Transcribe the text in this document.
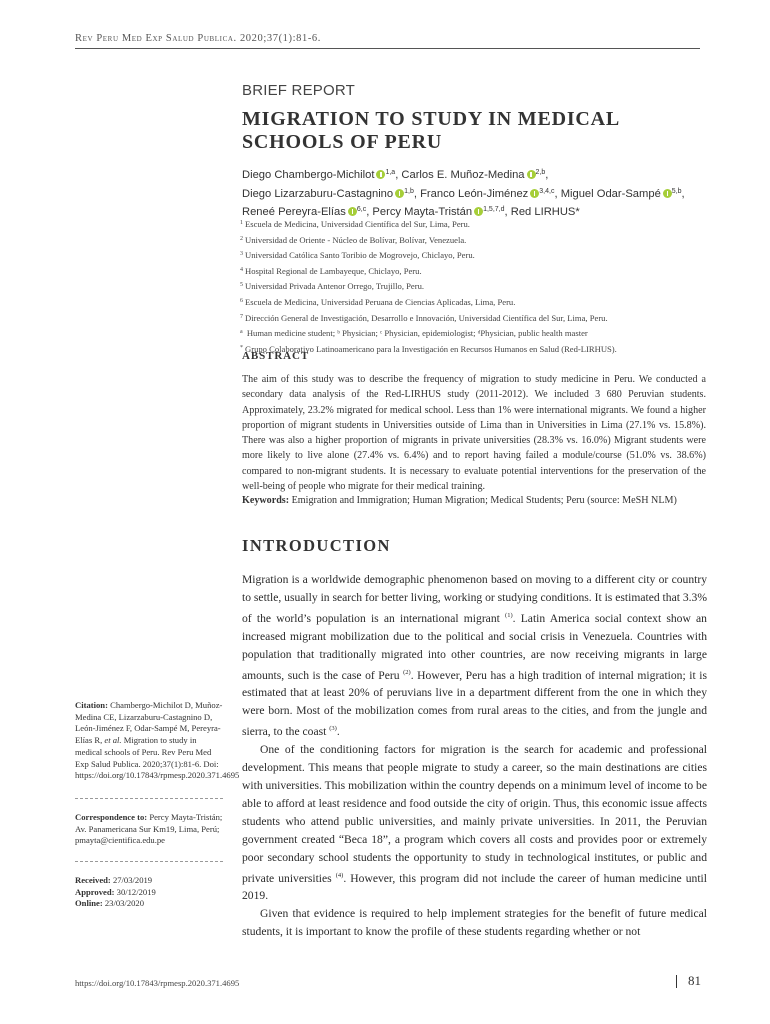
Rev Peru Med Exp Salud Publica. 2020;37(1):81-6.
BRIEF REPORT
MIGRATION TO STUDY IN MEDICAL SCHOOLS OF PERU
Diego Chambergo-Michilot $^{1,a}$, Carlos E. Muñoz-Medina $^{2,b}$,
Diego Lizarzaburu-Castagnino $^{1,b}$, Franco León-Jiménez $^{3,4,c}$, Miguel Odar-Sampé $^{5,b}$,
Reneé Pereyra-Elías $^{6,c}$, Percy Mayta-Tristán $^{1,5,7,d}$, Red LIRHUS*
$^1$ Escuela de Medicina, Universidad Científica del Sur, Lima, Peru.
$^2$ Universidad de Oriente - Núcleo de Bolívar, Bolívar, Venezuela.
$^3$ Universidad Católica Santo Toribio de Mogrovejo, Chiclayo, Peru.
$^4$ Hospital Regional de Lambayeque, Chiclayo, Peru.
$^5$ Universidad Privada Antenor Orrego, Trujillo, Peru.
$^6$ Escuela de Medicina, Universidad Peruana de Ciencias Aplicadas, Lima, Peru.
$^7$ Dirección General de Investigación, Desarrollo e Innovación, Universidad Científica del Sur, Lima, Peru.
$^a$ Human medicine student; ᵇ Physician; ᶜ Physician, epidemiologist; ᵈPhysician, public health master
* Grupo Colaborativo Latinoamericano para la Investigación en Recursos Humanos en Salud (Red-LIRHUS).
ABSTRACT
The aim of this study was to describe the frequency of migration to study medicine in Peru. We conducted a secondary data analysis of the Red-LIRHUS study (2011-2012). We included 3 680 Peruvian students. Approximately, 23.2% migrated for medical school. Less than 1% were international migrants. We found a higher proportion of migrant students in Universities outside of Lima than in Universities in Lima (27.1% vs. 15.8%). There was also a higher proportion of migrants in private universities (28.3% vs. 16.0%) Migrant students were more likely to live alone (27.4% vs. 6.4%) and to report having failed a module/course (51.0% vs. 38.6%) compared to non-migrant students. It is necessary to evaluate potential interventions for the preservation of the well-being of people who migrate for their medical training.
Keywords: Emigration and Immigration; Human Migration; Medical Students; Peru (source: MeSH NLM)
INTRODUCTION

Migration is a worldwide demographic phenomenon based on moving to a different city or country to settle, usually in search for better living, working or studying conditions. It is estimated that 3.3% of the world’s population is an international migrant $^{(1)}$. Latin America social context show an increased migrant mobilization due to the political and social crisis in Venezuela. Countries with population that traditionally migrated into other countries, are now receiving migrants in large amounts, such is the case of Peru $^{(2)}$. However, Peru has a high tradition of internal migration; it is estimated that at least 20% of peruvians live in a department different from the one in which they were born. Most of the mobilization comes from rural areas to the cities, and from the jungle and sierra, to the coast $^{(3)}$.

One of the conditioning factors for migration is the search for academic and professional development. This means that people migrate to study a career, so the main destinations are cities with universities. This mobilization within the country depends on a minimum level of income to be able to afford at least residence and food outside the city of origin. Thus, this economic issue affects students who attend public universities, and mainly private universities. In 2011, the Peruvian government created “Beca 18”, a program which covers all costs and provides poor or extremely poor secondary school students the opportunity to study in technological institutes, or public and private universities $^{(4)}$. However, this program did not include the career of human medicine until 2019.

Given that evidence is required to help implement strategies for the benefit of future medical students, it is important to know the profile of these students regarding whether or not

Citation: Chambergo-Michilot D, Muñoz-Medina CE, Lizarzaburu-Castagnino D, León-Jiménez F, Odar-Sampé M, Pereyra-Elías R, et al. Migration to study in medical schools of Peru. Rev Peru Med Exp Salud Publica. 2020;37(1):81-6. Doi: https://doi.org/10.17843/rpmesp.2020.371.4695
Correspondence to: Percy Mayta-Tristán; Av. Panamericana Sur Km19, Lima, Perú; pmayta@cientifica.edu.pe
Received: 27/03/2019
Approved: 30/12/2019
Online: 23/03/2020
https://doi.org/10.17843/rpmesp.2020.371.4695	81
